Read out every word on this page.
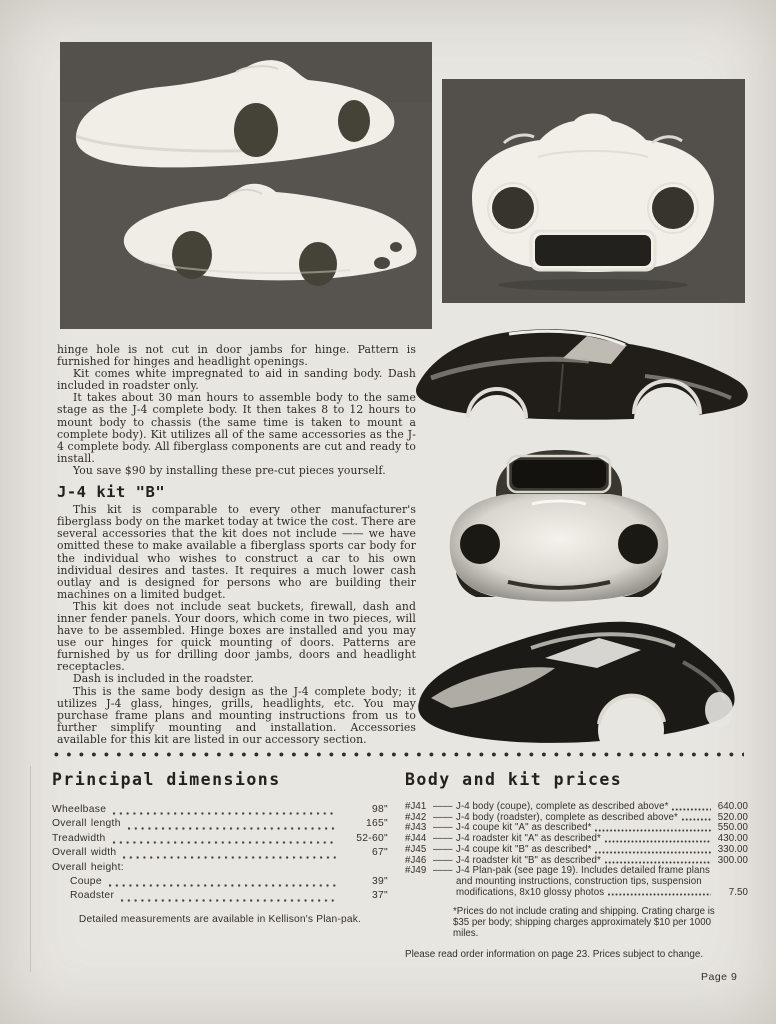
hinge hole is not cut in door jambs for hinge. Pattern is furnished for hinges and headlight openings.

Kit comes white impregnated to aid in sanding body. Dash included in roadster only.

It takes about 30 man hours to assemble body to the same stage as the J-4 complete body. It then takes 8 to 12 hours to mount body to chassis (the same time is taken to mount a complete body). Kit utilizes all of the same accessories as the J-4 complete body. All fiberglass components are cut and ready to install.

You save $90 by installing these pre-cut pieces yourself.

J-4 kit "B"

This kit is comparable to every other manufacturer's fiberglass body on the market today at twice the cost. There are several accessories that the kit does not include —— we have omitted these to make available a fiberglass sports car body for the individual who wishes to construct a car to his own individual desires and tastes. It requires a much lower cash outlay and is designed for persons who are building their machines on a limited budget.

This kit does not include seat buckets, firewall, dash and inner fender panels. Your doors, which come in two pieces, will have to be assembled. Hinge boxes are installed and you may use our hinges for quick mounting of doors. Patterns are furnished by us for drilling door jambs, doors and headlight receptacles.

Dash is included in the roadster.

This is the same body design as the J-4 complete body; it utilizes J-4 glass, hinges, grills, headlights, etc. You may purchase frame plans and mounting instructions from us to further simplify mounting and installation. Accessories available for this kit are listed in our accessory section.

Principal dimensions
Wheelbase	98"
Overall length	165"
Treadwidth	52-60"
Overall width	67"
Overall height:
Coupe	39"
Roadster	37"
Detailed measurements are available in Kellison's Plan-pak.
Body and kit prices
#J41 —— J-4 body (coupe), complete as described above*	640.00
#J42 —— J-4 body (roadster), complete as described above*	520.00
#J43 —— J-4 coupe kit "A" as described*	550.00
#J44 —— J-4 roadster kit "A" as described*	430.00
#J45 —— J-4 coupe kit "B" as described*	330.00
#J46 —— J-4 roadster kit "B" as described*	300.00
#J49 —— J-4 Plan-pak (see page 19). Includes detailed frame plans
and mounting instructions, construction tips, suspension
modifications, 8x10 glossy photos	7.50
*Prices do not include crating and shipping. Crating charge is $35 per body; shipping charges approximately $10 per 1000 miles.
Please read order information on page 23. Prices subject to change.
Page 9
